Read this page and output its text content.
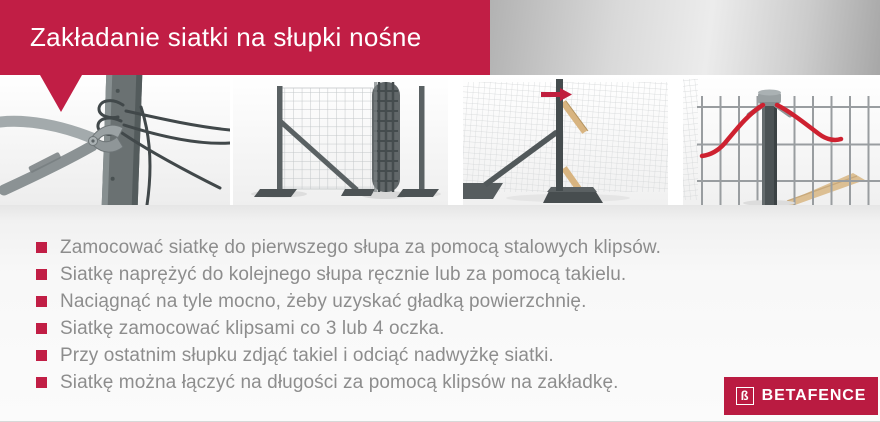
Zakładanie siatki na słupki nośne
Zamocować siatkę do pierwszego słupa za pomocą stalowych klipsów.
Siatkę naprężyć do kolejnego słupa ręcznie lub za pomocą takielu.
Naciągnąć na tyle mocno, żeby uzyskać gładką powierzchnię.
Siatkę zamocować klipsami co 3 lub 4 oczka.
Przy ostatnim słupku zdjąć takiel i odciąć nadwyżkę siatki.
Siatkę można łączyć na długości za pomocą klipsów na zakładkę.
ß BETAFENCE
